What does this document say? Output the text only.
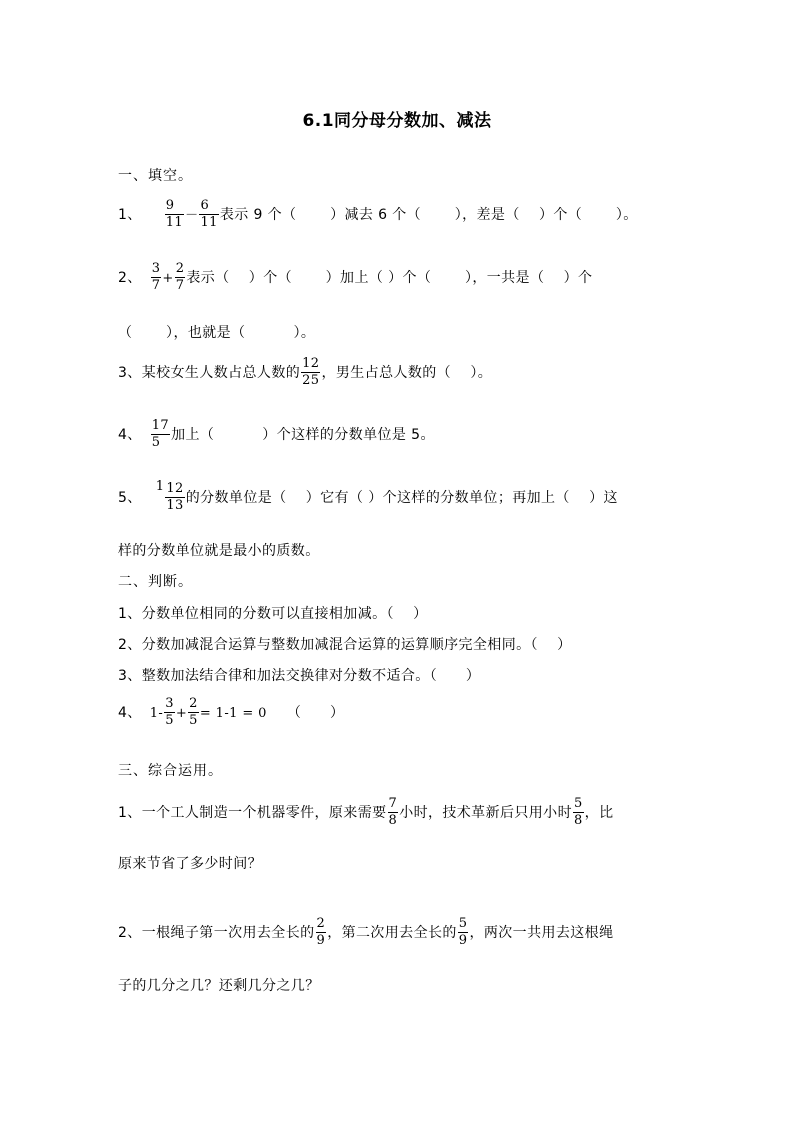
6.1同分母分数加、减法
一、填空。
1、 $\frac{9}{11} - \frac{6}{11}$ 表示 9 个（　　 ）减去 6 个（　　 ），差是（　 ）个（　　 ）。
2、 $\frac{3}{7} + \frac{2}{7}$ 表示（　 ）个（　　 ）加上（ ）个（　　 ），一共是（　 ）个
（　　 ），也就是（　　　 ）。
3、某校女生人数占总人数的 $\frac{12}{25}$ ，男生占总人数的（　 ）。
4、 $\frac{17}{5}$ 加上（　　　 ）个这样的分数单位是 5。
5、$1 \frac{12}{13}$ 的分数单位是（　 ）它有（ ）个这样的分数单位；再加上（　 ）这
样的分数单位就是最小的质数。
二、判断。
1、分数单位相同的分数可以直接相加减。（　 ）
2、分数加减混合运算与整数加减混合运算的运算顺序完全相同。（　 ）
3、整数加法结合律和加法交换律对分数不适合。（　　）
4、 $1- \frac{3}{5} + \frac{2}{5} = 1-1 = 0$ （　　）
三、综合运用。
1、一个工人制造一个机器零件，原来需要 $\frac{7}{8}$ 小时，技术革新后只用小时 $\frac{5}{8}$ ，比
原来节省了多少时间？
2、一根绳子第一次用去全长的 $\frac{2}{9}$ ，第二次用去全长的 $\frac{5}{9}$ ，两次一共用去这根绳
子的几分之几？还剩几分之几？
